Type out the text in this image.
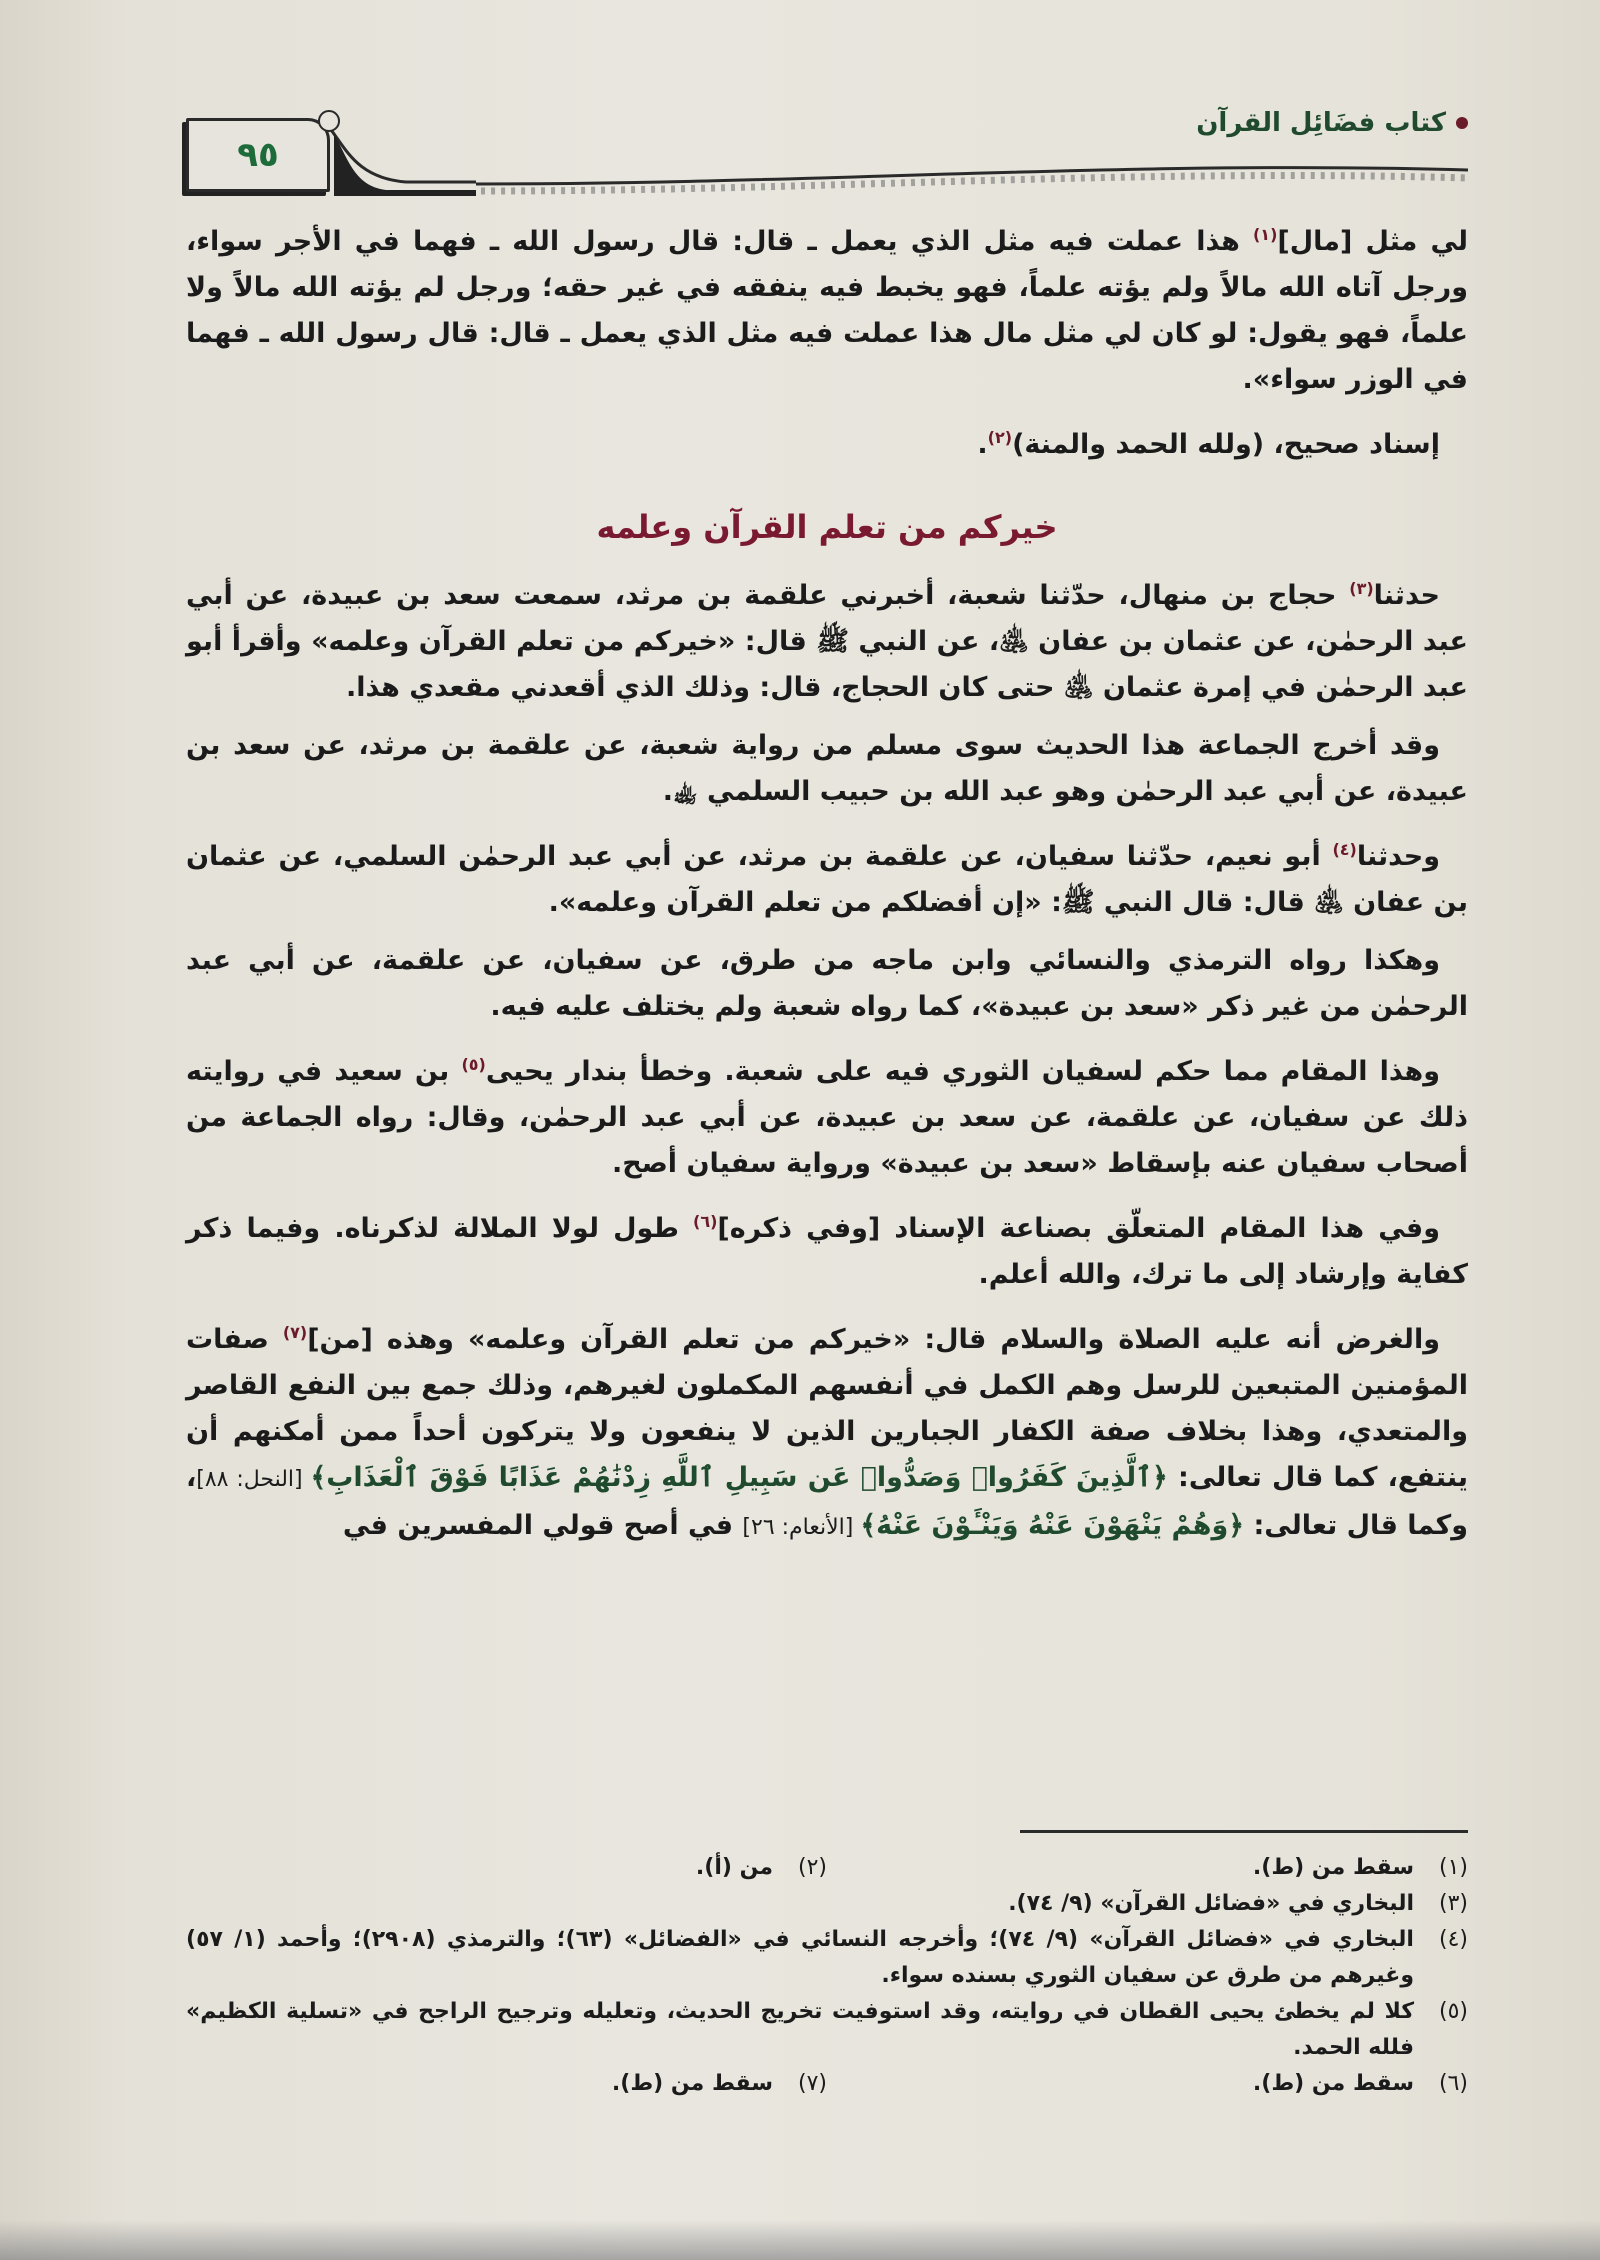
٩٥
كتاب فضَائِل القرآن

لي مثل [مال]$^{(١)}$ هذا عملت فيه مثل الذي يعمل ـ قال: قال رسول الله ـ فهما في الأجر سواء، ورجل آتاه الله مالاً ولم يؤته علماً، فهو يخبط فيه ينفقه في غير حقه؛ ورجل لم يؤته الله مالاً ولا علماً، فهو يقول: لو كان لي مثل مال هذا عملت فيه مثل الذي يعمل ـ قال: قال رسول الله ـ فهما في الوزر سواء».

إسناد صحيح، (ولله الحمد والمنة)$^{(٢)}$.

خيركم من تعلم القرآن وعلمه

حدثنا$^{(٣)}$ حجاج بن منهال، حدّثنا شعبة، أخبرني علقمة بن مرثد، سمعت سعد بن عبيدة، عن أبي عبد الرحمٰن، عن عثمان بن عفان ﵁، عن النبي ﷺ قال: «خيركم من تعلم القرآن وعلمه» وأقرأ أبو عبد الرحمٰن في إمرة عثمان ﵁ حتى كان الحجاج، قال: وذلك الذي أقعدني مقعدي هذا.

وقد أخرج الجماعة هذا الحديث سوى مسلم من رواية شعبة، عن علقمة بن مرثد، عن سعد بن عبيدة، عن أبي عبد الرحمٰن وهو عبد الله بن حبيب السلمي ﵀.

وحدثنا$^{(٤)}$ أبو نعيم، حدّثنا سفيان، عن علقمة بن مرثد، عن أبي عبد الرحمٰن السلمي، عن عثمان بن عفان ﵁ قال: قال النبي ﷺ: «إن أفضلكم من تعلم القرآن وعلمه».

وهكذا رواه الترمذي والنسائي وابن ماجه من طرق، عن سفيان، عن علقمة، عن أبي عبد الرحمٰن من غير ذكر «سعد بن عبيدة»، كما رواه شعبة ولم يختلف عليه فيه.

وهذا المقام مما حكم لسفيان الثوري فيه على شعبة. وخطأ بندار يحيى$^{(٥)}$ بن سعيد في روايته ذلك عن سفيان، عن علقمة، عن سعد بن عبيدة، عن أبي عبد الرحمٰن، وقال: رواه الجماعة من أصحاب سفيان عنه بإسقاط «سعد بن عبيدة» ورواية سفيان أصح.

وفي هذا المقام المتعلّق بصناعة الإسناد [وفي ذكره]$^{(٦)}$ طول لولا الملالة لذكرناه. وفيما ذكر كفاية وإرشاد إلى ما ترك، والله أعلم.

والغرض أنه عليه الصلاة والسلام قال: «خيركم من تعلم القرآن وعلمه» وهذه [من]$^{(٧)}$ صفات المؤمنين المتبعين للرسل وهم الكمل في أنفسهم المكملون لغيرهم، وذلك جمع بين النفع القاصر والمتعدي، وهذا بخلاف صفة الكفار الجبارين الذين لا ينفعون ولا يتركون أحداً ممن أمكنهم أن ينتفع، كما قال تعالى: ﴿ٱلَّذِينَ كَفَرُوا۟ وَصَدُّوا۟ عَن سَبِيلِ ٱللَّهِ زِدْنَٰهُمْ عَذَابًا فَوْقَ ٱلْعَذَابِ﴾ [النحل: ٨٨]، وكما قال تعالى: ﴿وَهُمْ يَنْهَوْنَ عَنْهُ وَيَنْـَٔوْنَ عَنْهُ﴾ [الأنعام: ٢٦] في أصح قولي المفسرين في

(١)
سقط من (ط).
(٢)
من (أ).
(٣)
البخاري في «فضائل القرآن» (٩/ ٧٤).
(٤)
البخاري في «فضائل القرآن» (٩/ ٧٤)؛ وأخرجه النسائي في «الفضائل» (٦٣)؛ والترمذي (٢٩٠٨)؛ وأحمد (١/ ٥٧) وغيرهم من طرق عن سفيان الثوري بسنده سواء.
(٥)
كلا لم يخطئ يحيى القطان في روايته، وقد استوفيت تخريج الحديث، وتعليله وترجيح الراجح في «تسلية الكظيم» فلله الحمد.
(٦)
سقط من (ط).
(٧)
سقط من (ط).
